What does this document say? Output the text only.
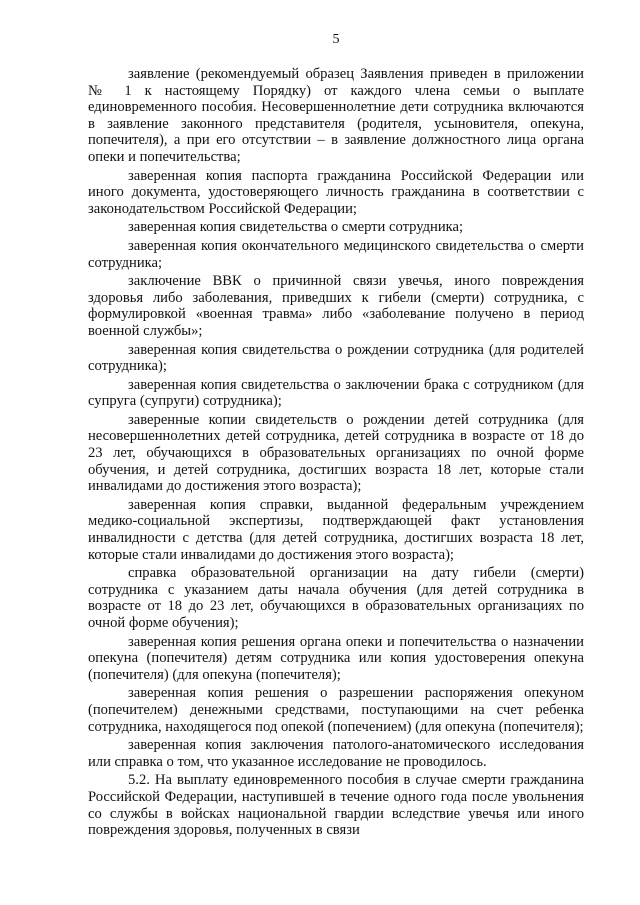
5

заявление (рекомендуемый образец Заявления приведен в приложении № 1 к настоящему Порядку) от каждого члена семьи о выплате единовременного пособия. Несовершеннолетние дети сотрудника включаются в заявление законного представителя (родителя, усыновителя, опекуна, попечителя), а при его отсутствии – в заявление должностного лица органа опеки и попечительства;

заверенная копия паспорта гражданина Российской Федерации или иного документа, удостоверяющего личность гражданина в соответствии с законодательством Российской Федерации;

заверенная копия свидетельства о смерти сотрудника;

заверенная копия окончательного медицинского свидетельства о смерти сотрудника;

заключение ВВК о причинной связи увечья, иного повреждения здоровья либо заболевания, приведших к гибели (смерти) сотрудника, с формулировкой «военная травма» либо «заболевание получено в период военной службы»;

заверенная копия свидетельства о рождении сотрудника (для родителей сотрудника);

заверенная копия свидетельства о заключении брака с сотрудником (для супруга (супруги) сотрудника);

заверенные копии свидетельств о рождении детей сотрудника (для несовершеннолетних детей сотрудника, детей сотрудника в возрасте от 18 до 23 лет, обучающихся в образовательных организациях по очной форме обучения, и детей сотрудника, достигших возраста 18 лет, которые стали инвалидами до достижения этого возраста);

заверенная копия справки, выданной федеральным учреждением медико-социальной экспертизы, подтверждающей факт установления инвалидности с детства (для детей сотрудника, достигших возраста 18 лет, которые стали инвалидами до достижения этого возраста);

справка образовательной организации на дату гибели (смерти) сотрудника с указанием даты начала обучения (для детей сотрудника в возрасте от 18 до 23 лет, обучающихся в образовательных организациях по очной форме обучения);

заверенная копия решения органа опеки и попечительства о назначении опекуна (попечителя) детям сотрудника или копия удостоверения опекуна (попечителя) (для опекуна (попечителя);

заверенная копия решения о разрешении распоряжения опекуном (попечителем) денежными средствами, поступающими на счет ребенка сотрудника, находящегося под опекой (попечением) (для опекуна (попечителя);

заверенная копия заключения патолого-анатомического исследования или справка о том, что указанное исследование не проводилось.

5.2. На выплату единовременного пособия в случае смерти гражданина Российской Федерации, наступившей в течение одного года после увольнения со службы в войсках национальной гвардии вследствие увечья или иного повреждения здоровья, полученных в связи
